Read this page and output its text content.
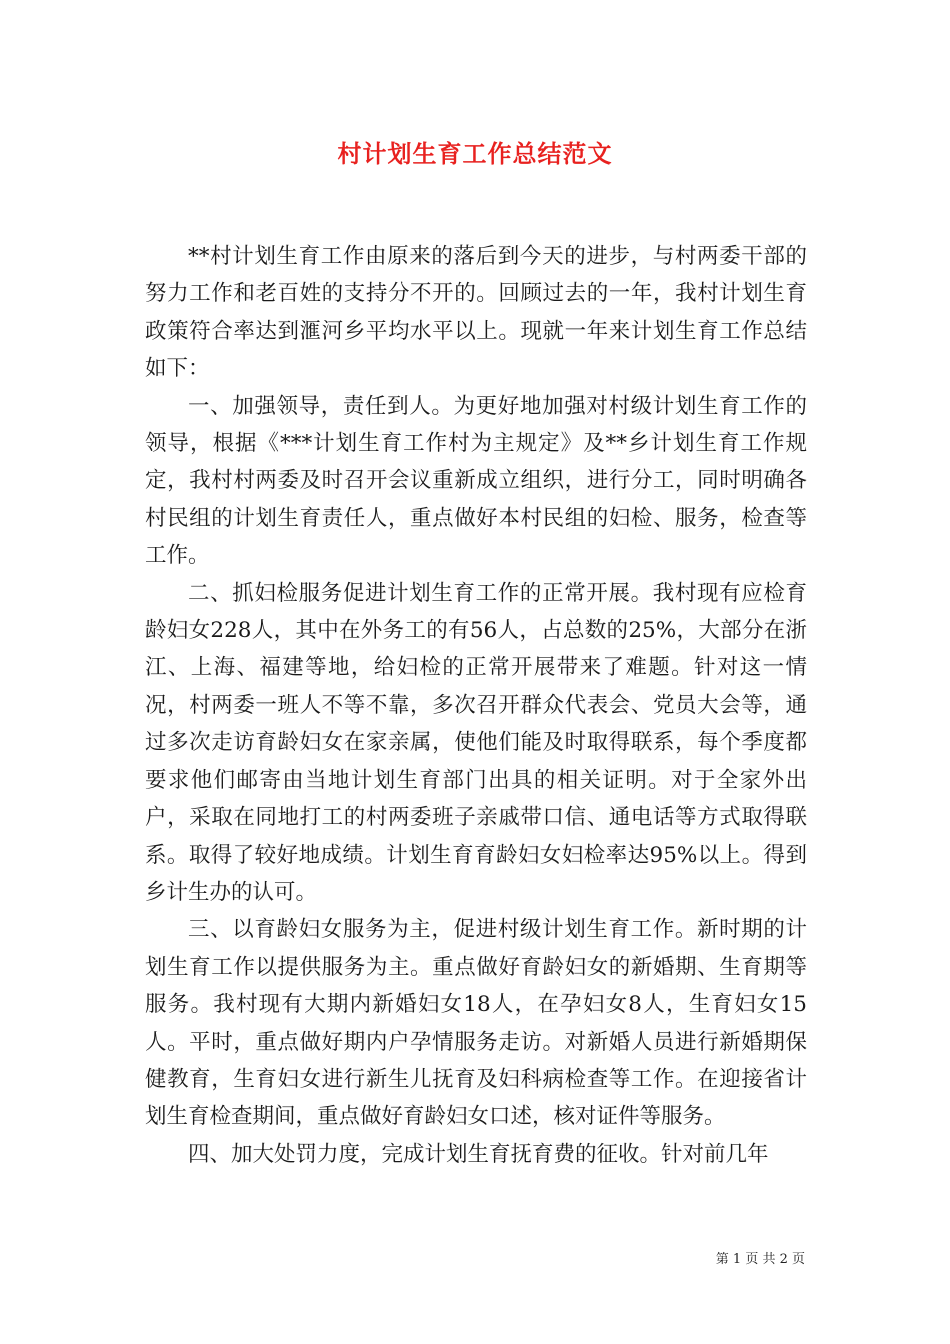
村计划生育工作总结范文

**村计划生育工作由原来的落后到今天的进步，与村两委干部的努力工作和老百姓的支持分不开的。回顾过去的一年，我村计划生育政策符合率达到滙河乡平均水平以上。现就一年来计划生育工作总结如下：

一、加强领导，责任到人。为更好地加强对村级计划生育工作的领导，根据《***计划生育工作村为主规定》及**乡计划生育工作规定，我村村两委及时召开会议重新成立组织，进行分工，同时明确各村民组的计划生育责任人，重点做好本村民组的妇检、服务，检查等工作。

二、抓妇检服务促进计划生育工作的正常开展。我村现有应检育龄妇女228人，其中在外务工的有56人，占总数的25%，大部分在浙江、上海、福建等地，给妇检的正常开展带来了难题。针对这一情况，村两委一班人不等不靠，多次召开群众代表会、党员大会等，通过多次走访育龄妇女在家亲属，使他们能及时取得联系，每个季度都要求他们邮寄由当地计划生育部门出具的相关证明。对于全家外出户，采取在同地打工的村两委班子亲戚带口信、通电话等方式取得联系。取得了较好地成绩。计划生育育龄妇女妇检率达95%以上。得到乡计生办的认可。

三、以育龄妇女服务为主，促进村级计划生育工作。新时期的计划生育工作以提供服务为主。重点做好育龄妇女的新婚期、生育期等服务。我村现有大期内新婚妇女18人，在孕妇女8人，生育妇女15人。平时，重点做好期内户孕情服务走访。对新婚人员进行新婚期保健教育，生育妇女进行新生儿抚育及妇科病检查等工作。在迎接省计划生育检查期间，重点做好育龄妇女口述，核对证件等服务。

四、加大处罚力度，完成计划生育抚育费的征收。针对前几年

第 1 页 共 2 页
